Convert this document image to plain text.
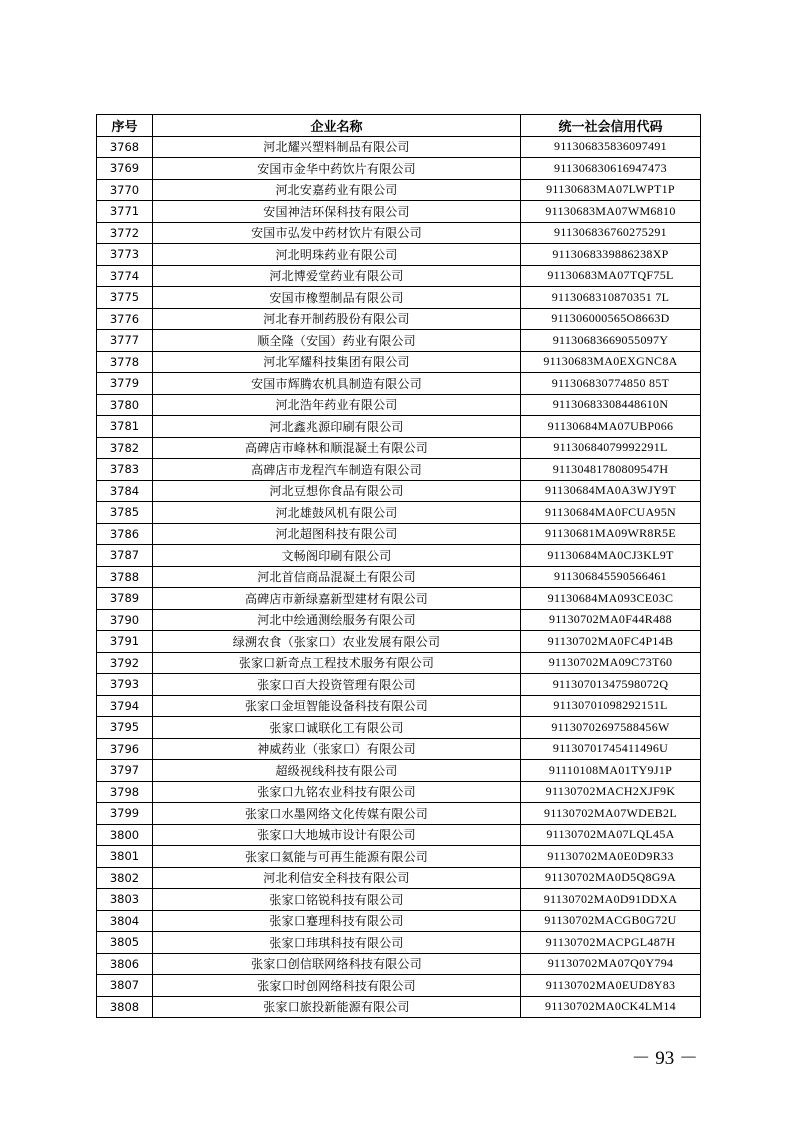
序号	企业名称	统一社会信用代码
3768	河北耀兴塑料制品有限公司	911306835836097491
3769	安国市金华中药饮片有限公司	911306830616947473
3770	河北安嘉药业有限公司	91130683MA07LWPT1P
3771	安国神洁环保科技有限公司	91130683MA07WM6810
3772	安国市弘发中药材饮片有限公司	911306836760275291
3773	河北明珠药业有限公司	9113068339886238XP
3774	河北博爱堂药业有限公司	91130683MA07TQF75L
3775	安国市橡塑制品有限公司	9113068310870351 7L
3776	河北春开制药股份有限公司	911306000565O8663D
3777	顺全隆（安国）药业有限公司	91130683669055097Y
3778	河北军耀科技集团有限公司	91130683MA0EXGNC8A
3779	安国市辉腾农机具制造有限公司	911306830774850 85T
3780	河北浩年药业有限公司	91130683308448610N
3781	河北鑫兆源印刷有限公司	91130684MA07UBP066
3782	高碑店市峰林和顺混凝土有限公司	91130684079992291L
3783	高碑店市龙程汽车制造有限公司	91130481780809547H
3784	河北豆想你食品有限公司	91130684MA0A3WJY9T
3785	河北雄鼓风机有限公司	91130684MA0FCUA95N
3786	河北超图科技有限公司	91130681MA09WR8R5E
3787	文畅阁印刷有限公司	91130684MA0CJ3KL9T
3788	河北首信商品混凝土有限公司	911306845590566461
3789	高碑店市新绿嘉新型建材有限公司	91130684MA093CE03C
3790	河北中绘通测绘服务有限公司	91130702MA0F44R488
3791	绿溯农食（张家口）农业发展有限公司	91130702MA0FC4P14B
3792	张家口新奇点工程技术服务有限公司	91130702MA09C73T60
3793	张家口百大投资管理有限公司	91130701347598072Q
3794	张家口金垣智能设备科技有限公司	91130701098292151L
3795	张家口诚联化工有限公司	91130702697588456W
3796	神威药业（张家口）有限公司	91130701745411496U
3797	超级视线科技有限公司	91110108MA01TY9J1P
3798	张家口九铭农业科技有限公司	91130702MACH2XJF9K
3799	张家口水墨网络文化传媒有限公司	91130702MA07WDEB2L
3800	张家口大地城市设计有限公司	91130702MA07LQL45A
3801	张家口氦能与可再生能源有限公司	91130702MA0E0D9R33
3802	河北利信安全科技有限公司	91130702MA0D5Q8G9A
3803	张家口铭锐科技有限公司	91130702MA0D91DDXA
3804	张家口蹇理科技有限公司	91130702MACGB0G72U
3805	张家口玮琪科技有限公司	91130702MACPGL487H
3806	张家口创信联网络科技有限公司	91130702MA07Q0Y794
3807	张家口时创网络科技有限公司	91130702MA0EUD8Y83
3808	张家口旅投新能源有限公司	91130702MA0CK4LM14
－ 93 －
